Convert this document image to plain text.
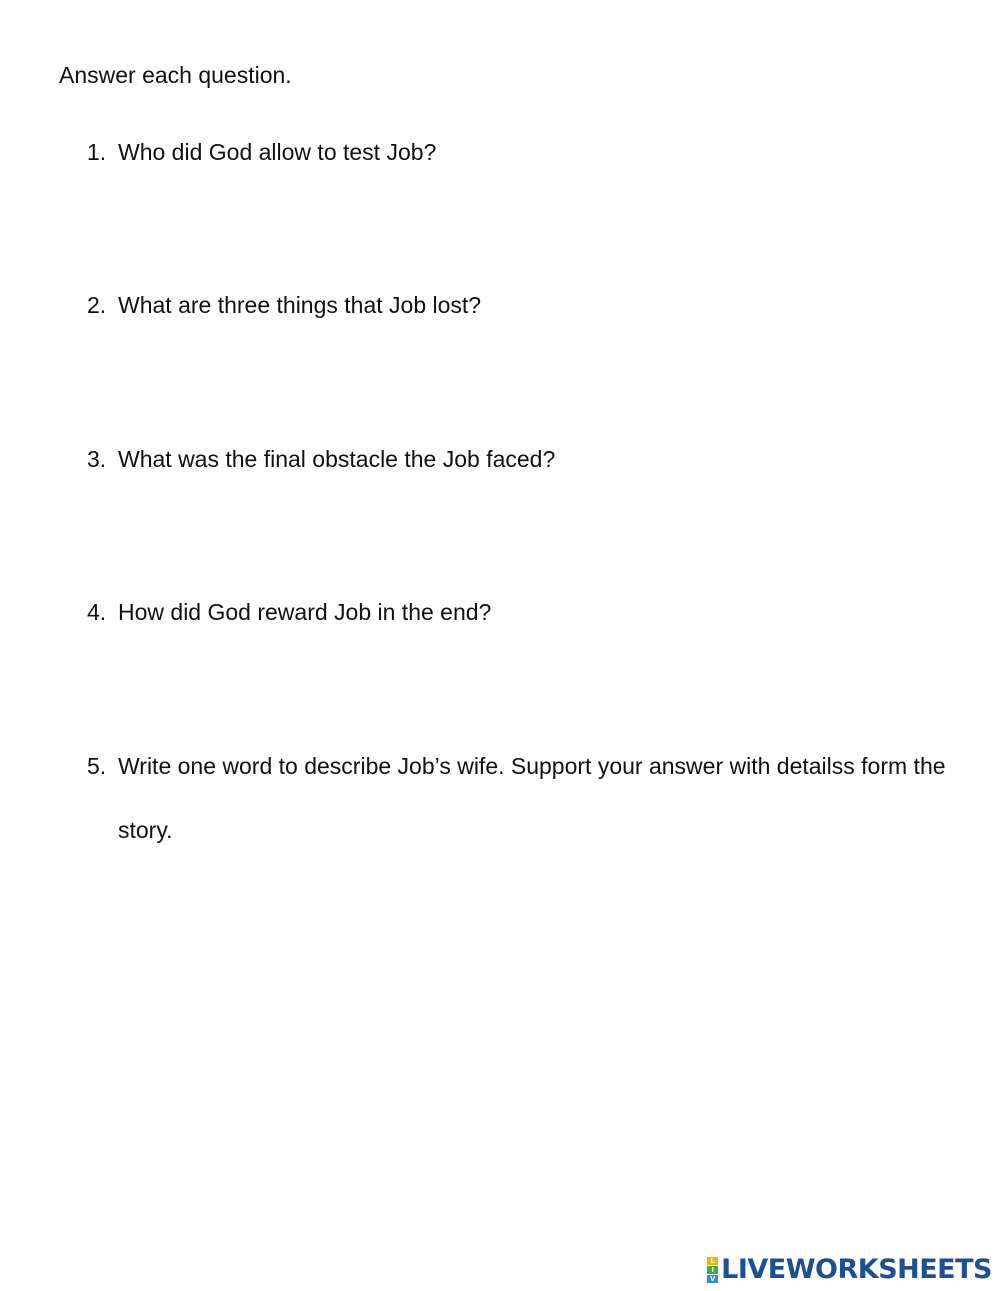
Answer each question.
1. Who did God allow to test Job?
2. What are three things that Job lost?
3. What was the final obstacle the Job faced?
4. How did God reward Job in the end?
5. Write one word to describe Job’s wife. Support your answer with detailss form the story.
L
I
V LIVEWORKSHEETS
